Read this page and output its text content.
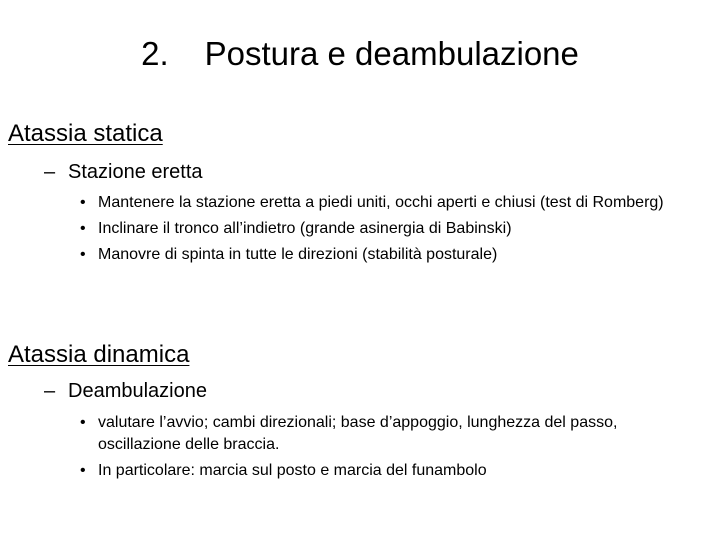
2. Postura e deambulazione
Atassia statica
– Stazione eretta
• Mantenere la stazione eretta a piedi uniti, occhi aperti e chiusi (test di Romberg)
• Inclinare il tronco all’indietro (grande asinergia di Babinski)
• Manovre di spinta in tutte le direzioni (stabilità posturale)
Atassia dinamica
– Deambulazione
• valutare l’avvio; cambi direzionali; base d’appoggio, lunghezza del passo, oscillazione delle braccia.
• In particolare: marcia sul posto e marcia del funambolo
